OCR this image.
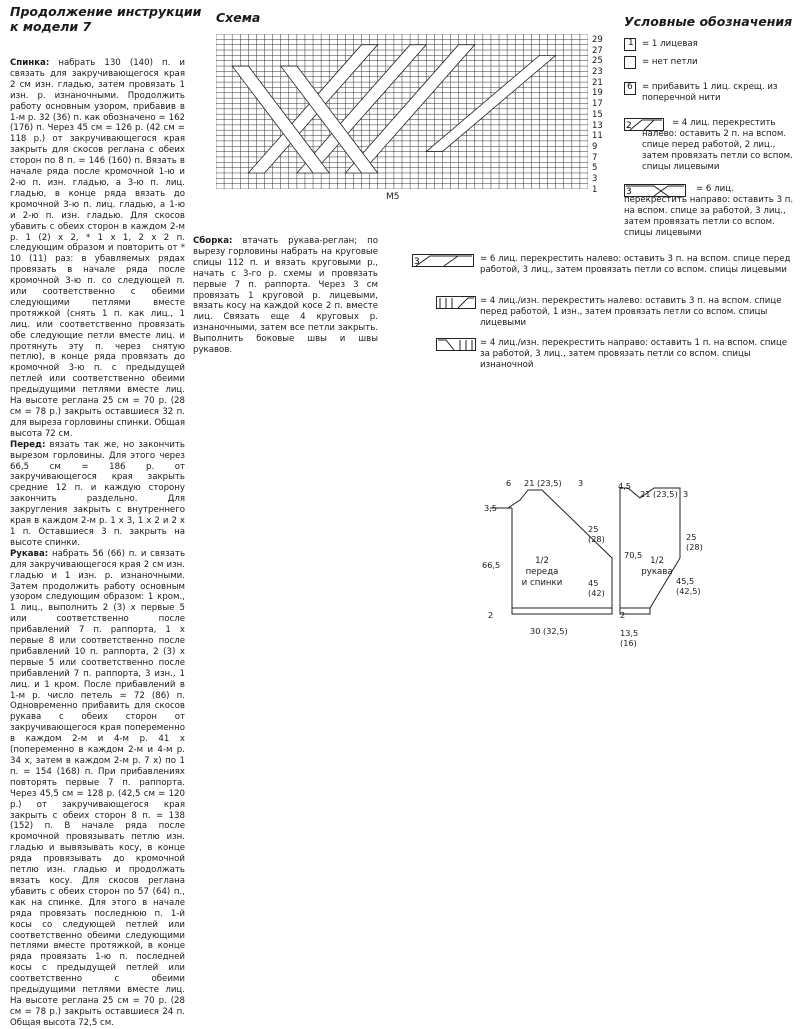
Продолжение инструкции
к модели 7

Спинка: набрать 130 (140) п. и связать для закручивающегося края 2 см изн. гладью, затем провязать 1 изн. р. изнаночными. Продолжить работу основным узором, прибавив в 1-м р. 32 (36) п. как обозначено = 162 (176) п. Через 45 см = 126 р. (42 см = 118 р.) от закручивающегося края закрыть для скосов реглана с обеих сторон по 8 п. = 146 (160) п. Вязать в начале ряда после кромочной 1-ю и 2-ю п. изн. гладью, а 3-ю п. лиц. гладью, в конце ряда вязать до кромочной 3-ю п. лиц. гладью, а 1-ю и 2-ю п. изн. гладью. Для скосов убавить с обеих сторон в каждом 2-м р. 1 (2) х 2, * 1 х 1, 2 х 2 п. следующим образом и повторить от * 10 (11) раз: в убавляемых рядах провязать в начале ряда после кромочной 3-ю п. со следующей п. или соответственно с обеими следующими петлями вместе протяжкой (снять 1 п. как лиц., 1 лиц. или соответственно провязать обе следующие петли вместе лиц. и протянуть эту п. через снятую петлю), в конце ряда провязать до кромочной 3-ю п. с предыдущей петлей или соответственно обеими предыдущими петлями вместе лиц. На высоте реглана 25 см = 70 р. (28 см = 78 р.) закрыть оставшиеся 32 п. для выреза горловины спинки. Общая высота 72 см.

Перед: вязать так же, но закончить вырезом горловины. Для этого через 66,5 см = 186 р. от закручивающегося края закрыть средние 12 п. и каждую сторону закончить раздельно. Для закругления закрыть с внутреннего края в каждом 2-м р. 1 х 3, 1 х 2 и 2 х 1 п. Оставшиеся 3 п. закрыть на высоте спинки.

Рукава: набрать 56 (66) п. и связать для закручивающегося края 2 см изн. гладью и 1 изн. р. изнаночными. Затем продолжить работу основным узором следующим образом: 1 кром., 1 лиц., выполнить 2 (3) х первые 5 или соответственно после прибавлений 7 п. раппорта, 1 х первые 8 или соответственно после прибавлений 10 п. раппорта, 2 (3) х первые 5 или соответственно после прибавлений 7 п. раппорта, 3 изн., 1 лиц. и 1 кром. После прибавлений в 1-м р. число петель = 72 (86) п. Одновременно прибавить для скосов рукава с обеих сторон от закручивающегося края попеременно в каждом 2-м и 4-м р. 41 х (попеременно в каждом 2-м и 4-м р. 34 х, затем в каждом 2-м р. 7 х) по 1 п. = 154 (168) п. При прибавлениях повторять первые 7 п. раппорта. Через 45,5 см = 128 р. (42,5 см = 120 р.) от закручивающегося края закрыть с обеих сторон 8 п. = 138 (152) п. В начале ряда после кромочной провязывать петлю изн. гладью и вывязывать косу, в конце ряда провязывать до кромочной петлю изн. гладью и продолжать вязать косу. Для скосов реглана убавить с обеих сторон по 57 (64) п., как на спинке. Для этого в начале ряда провязать последнюю п. 1-й косы со следующей петлей или соответственно обеими следующими петлями вместе протяжкой, в конце ряда провязать 1-ю п. последней косы с предыдущей петлей или соответственно с обеими предыдущими петлями вместе лиц. На высоте реглана 25 см = 70 р. (28 см = 78 р.) закрыть оставшиеся 24 п. Общая высота 72,5 см.

Сборка: втачать рукава-реглан; по вырезу горловины набрать на круговые спицы 112 п. и вязать круговыми р., начать с 3-го р. схемы и провязать первые 7 п. раппорта. Через 3 см провязать 1 круговой р. лицевыми, вязать косу на каждой косе 2 п. вместе лиц. Связать еще 4 круговых р. изнаночными, затем все петли закрыть. Выполнить боковые швы и швы рукавов.

Схема
29
27
25
23
21
19
17
15
13
11
9
7
5
3
1
М5
Условные обозначения
1 = 1 лицевая
= нет петли
6 = прибавить 1 лиц. скрещ. из поперечной нити
2	= 4 лиц. перекрестить налево: оставить 2 п. на вспом. спице перед работой, 2 лиц., затем провязать петли со вспом. спицы лицевыми
3	= 6 лиц. перекрестить направо: оставить 3 п. на вспом. спице за работой, 3 лиц., затем провязать петли со вспом. спицы лицевыми
3	= 6 лиц. перекрестить налево: оставить 3 п. на вспом. спице перед работой, 3 лиц., затем провязать петли со вспом. спицы лицевыми
= 4 лиц./изн. перекрестить налево: оставить 3 п. на вспом. спице перед работой, 1 изн., затем провязать петли со вспом. спицы лицевыми
= 4 лиц./изн. перекрестить направо: оставить 1 п. на вспом. спице за работой, 3 лиц., затем провязать петли со вспом. спицы изнаночной
6 21 (23,5) 3
3,5
66,5
25
(28)
45
(42)
2
30 (32,5)
1/2
переда
и спинки
4,5
21 (23,5) 3
70,5
25
(28)
45,5
(42,5)
2
13,5
(16)
1/2
рукава
